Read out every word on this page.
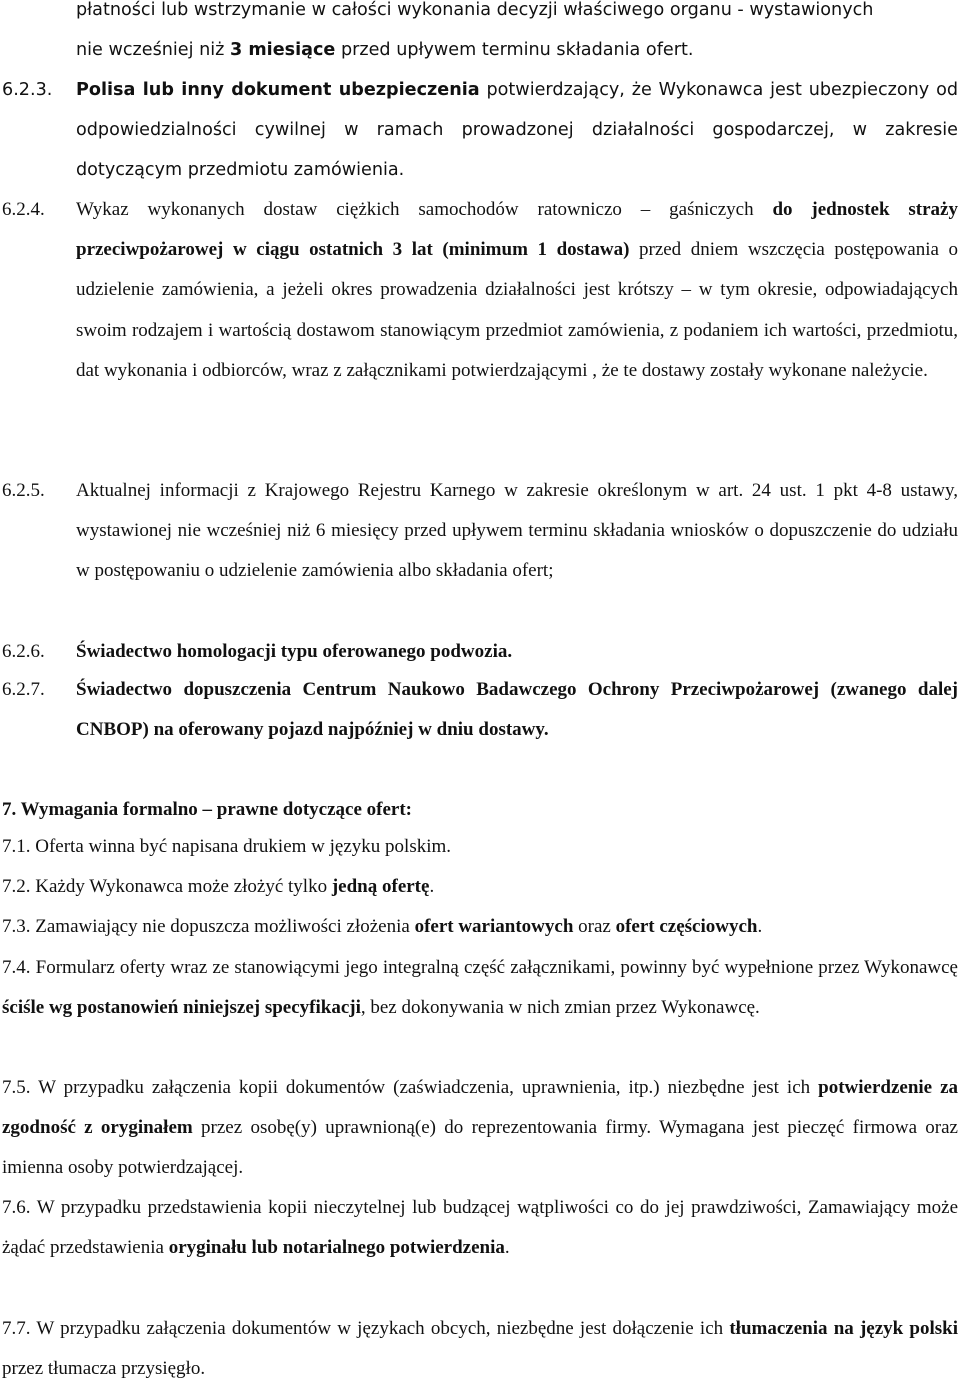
płatności lub wstrzymanie w całości wykonania decyzji właściwego organu - wystawionych
nie wcześniej niż 3 miesiące przed upływem terminu składania ofert.
6.2.3. Polisa lub inny dokument ubezpieczenia potwierdzający, że Wykonawca jest ubezpieczony od odpowiedzialności cywilnej w ramach prowadzonej działalności gospodarczej, w zakresie dotyczącym przedmiotu zamówienia.
6.2.4. Wykaz wykonanych dostaw ciężkich samochodów ratowniczo – gaśniczych do jednostek straży przeciwpożarowej w ciągu ostatnich 3 lat (minimum 1 dostawa) przed dniem wszczęcia postępowania o udzielenie zamówienia, a jeżeli okres prowadzenia działalności jest krótszy – w tym okresie, odpowiadających swoim rodzajem i wartością dostawom stanowiącym przedmiot zamówienia, z podaniem ich wartości, przedmiotu, dat wykonania i odbiorców, wraz z załącznikami potwierdzającymi , że te dostawy zostały wykonane należycie.
6.2.5. Aktualnej informacji z Krajowego Rejestru Karnego w zakresie określonym w art. 24 ust. 1 pkt 4-8 ustawy, wystawionej nie wcześniej niż 6 miesięcy przed upływem terminu składania wniosków o dopuszczenie do udziału w postępowaniu o udzielenie zamówienia albo składania ofert;
6.2.6. Świadectwo homologacji typu oferowanego podwozia.
6.2.7. Świadectwo dopuszczenia Centrum Naukowo Badawczego Ochrony Przeciwpożarowej (zwanego dalej CNBOP) na oferowany pojazd najpóźniej w dniu dostawy.
7. Wymagania formalno – prawne dotyczące ofert:
7.1. Oferta winna być napisana drukiem w języku polskim.
7.2. Każdy Wykonawca może złożyć tylko jedną ofertę.
7.3. Zamawiający nie dopuszcza możliwości złożenia ofert wariantowych oraz ofert częściowych.
7.4. Formularz oferty wraz ze stanowiącymi jego integralną część załącznikami, powinny być wypełnione przez Wykonawcę ściśle wg postanowień niniejszej specyfikacji, bez dokonywania w nich zmian przez Wykonawcę.
7.5. W przypadku załączenia kopii dokumentów (zaświadczenia, uprawnienia, itp.) niezbędne jest ich potwierdzenie za zgodność z oryginałem przez osobę(y) uprawnioną(e) do reprezentowania firmy. Wymagana jest pieczęć firmowa oraz imienna osoby potwierdzającej.
7.6. W przypadku przedstawienia kopii nieczytelnej lub budzącej wątpliwości co do jej prawdziwości, Zamawiający może żądać przedstawienia oryginału lub notarialnego potwierdzenia.
7.7. W przypadku załączenia dokumentów w językach obcych, niezbędne jest dołączenie ich tłumaczenia na język polski przez tłumacza przysięgło.
